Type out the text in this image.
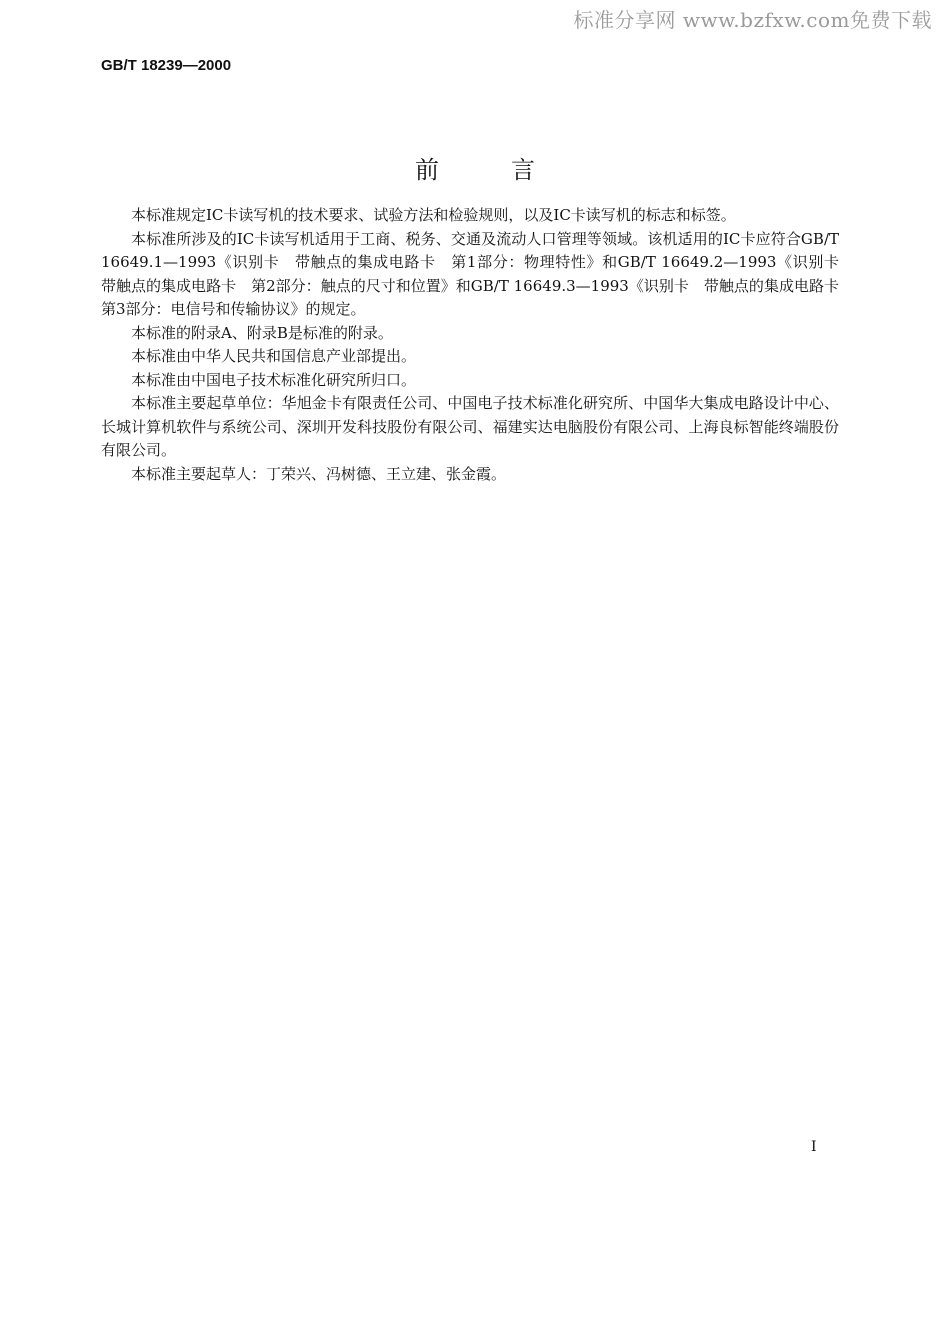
标准分享网 www.bzfxw.com免费下载
GB/T 18239—2000
前言

本标准规定IC卡读写机的技术要求、试验方法和检验规则，以及IC卡读写机的标志和标签。

本标准所涉及的IC卡读写机适用于工商、税务、交通及流动人口管理等领域。该机适用的IC卡应符合GB/T 16649.1—1993《识别卡　带触点的集成电路卡　第1部分：物理特性》和GB/T 16649.2—1993《识别卡　带触点的集成电路卡　第2部分：触点的尺寸和位置》和GB/T 16649.3—1993《识别卡　带触点的集成电路卡　第3部分：电信号和传输协议》的规定。

本标准的附录A、附录B是标准的附录。

本标准由中华人民共和国信息产业部提出。

本标准由中国电子技术标准化研究所归口。

本标准主要起草单位：华旭金卡有限责任公司、中国电子技术标准化研究所、中国华大集成电路设计中心、长城计算机软件与系统公司、深圳开发科技股份有限公司、福建实达电脑股份有限公司、上海良标智能终端股份有限公司。

本标准主要起草人：丁荣兴、冯树德、王立建、张金霞。

I
